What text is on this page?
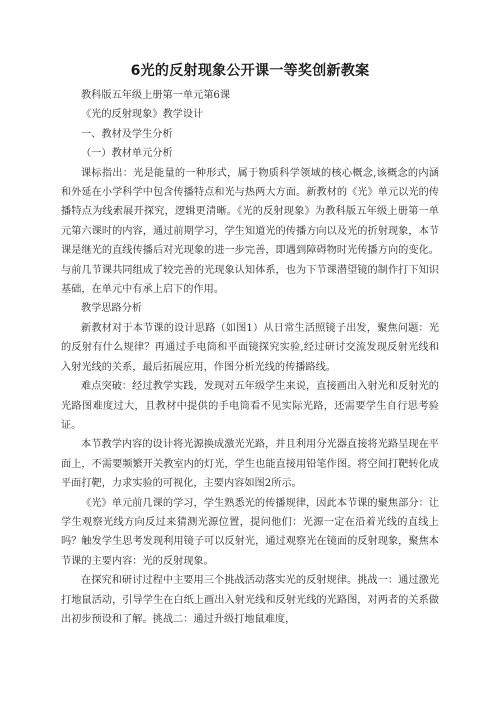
6光的反射现象公开课一等奖创新教案

教科版五年级上册第一单元第6课

《光的反射现象》教学设计

一、教材及学生分析

（一）教材单元分析

课标指出：光是能量的一种形式，属于物质科学领域的核心概念,该概念的内涵和外延在小学科学中包含传播特点和光与热两大方面。新教材的《光》单元以光的传播特点为线索展开探究，逻辑更清晰。《光的反射现象》为教科版五年级上册第一单元第六课时的内容，通过前期学习，学生知道光的传播方向以及光的折射现象，本节课是继光的直线传播后对光现象的进一步完善，即遇到障碍物时光传播方向的变化。与前几节课共同组成了较完善的光现象认知体系，也为下节课潜望镜的制作打下知识基础，在单元中有承上启下的作用。

教学思路分析

新教材对于本节课的设计思路（如图1）从日常生活照镜子出发，聚焦问题：光的反射有什么规律？再通过手电筒和平面镜探究实验,经过研讨交流发现反射光线和入射光线的关系，最后拓展应用，作图分析光线的传播路线。

难点突破：经过教学实践，发现对五年级学生来说，直接画出入射光和反射光的光路图难度过大，且教材中提供的手电筒看不见实际光路，还需要学生自行思考验证。

本节教学内容的设计将光源换成激光光路，并且利用分光器直接将光路呈现在平面上，不需要频繁开关教室内的灯光，学生也能直接用铅笔作图。将空间打靶转化成平面打靶，力求实验的可视化，主要内容如图2所示。

《光》单元前几课的学习，学生熟悉光的传播规律，因此本节课的聚焦部分：让学生观察光线方向反过来猜测光源位置，提问他们：光源一定在沿着光线的直线上吗？触发学生思考发现利用镜子可以反射光，通过观察光在镜面的反射现象，聚焦本节课的主要内容：光的反射现象。

在探究和研讨过程中主要用三个挑战活动落实光的反射规律。挑战一：通过激光打地鼠活动，引导学生在白纸上画出入射光线和反射光线的光路图，对两者的关系做出初步预设和了解。挑战二：通过升级打地鼠难度，
